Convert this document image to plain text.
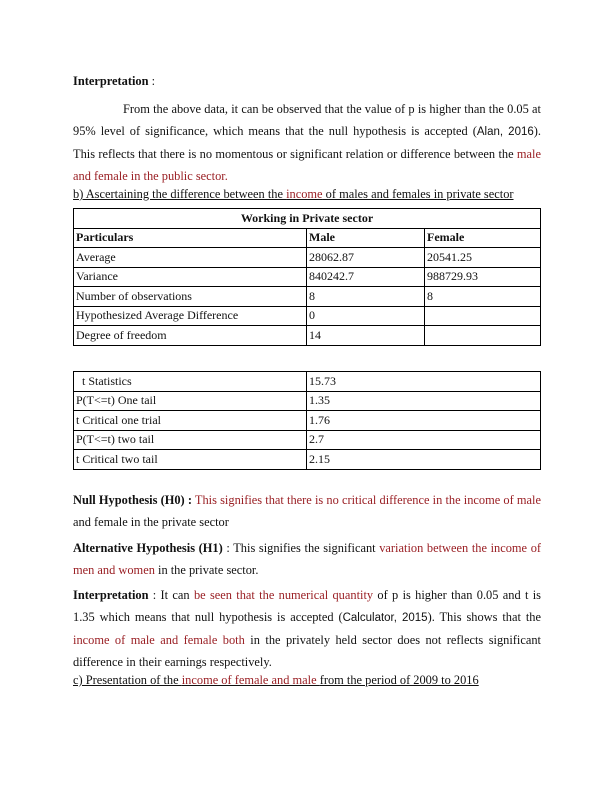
Interpretation :

From the above data, it can be observed that the value of p is higher than the 0.05 at 95% level of significance, which means that the null hypothesis is accepted (Alan, 2016). This reflects that there is no momentous or significant relation or difference between the male and female in the public sector.

b) Ascertaining the difference between the income of males and females in private sector
Working in Private sector		
Particulars	Male	Female
Average	28062.87	20541.25
Variance	840242.7	988729.93
Number of observations	8	8
Hypothesized Average Difference	0	
Degree of freedom	14	
t Statistics	15.73
P(T<=t) One tail	1.35
t Critical one trial	1.76
P(T<=t) two tail	2.7
t Critical two tail	2.15

Null Hypothesis (H0) : This signifies that there is no critical difference in the income of male and female in the private sector

Alternative Hypothesis (H1) : This signifies the significant variation between the income of men and women in the private sector.

Interpretation : It can be seen that the numerical quantity of p is higher than 0.05 and t is 1.35 which means that null hypothesis is accepted (Calculator, 2015). This shows that the income of male and female both in the privately held sector does not reflects significant difference in their earnings respectively.

c) Presentation of the income of female and male from the period of 2009 to 2016
